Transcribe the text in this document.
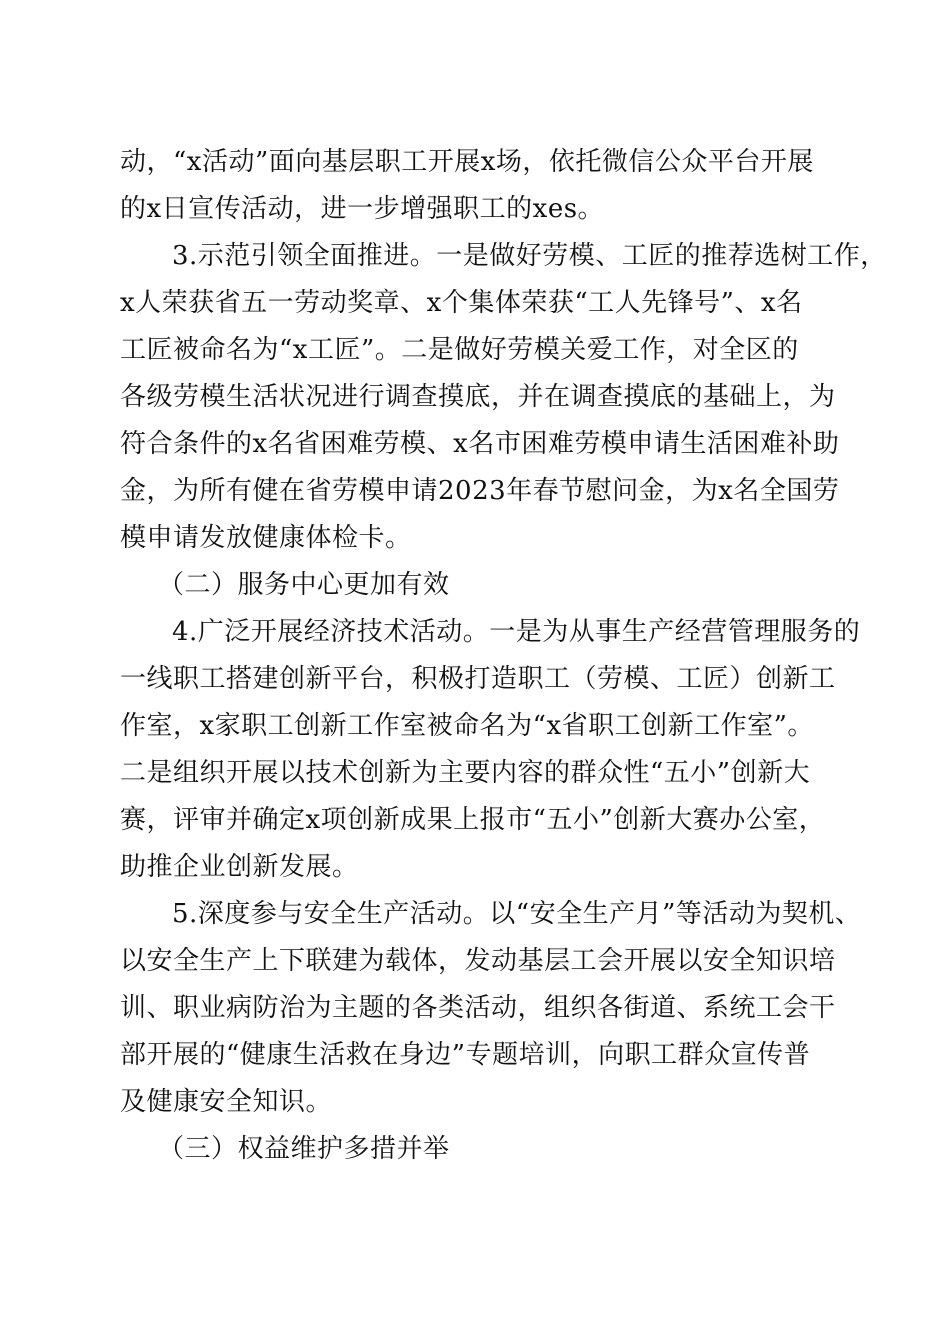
动，“x活动”面向基层职工开展x场，依托微信公众平台开展
的x日宣传活动，进一步增强职工的xes。
3.示范引领全面推进。一是做好劳模、工匠的推荐选树工作，
x人荣获省五一劳动奖章、x个集体荣获“工人先锋号”、x名
工匠被命名为“x工匠”。二是做好劳模关爱工作，对全区的
各级劳模生活状况进行调查摸底，并在调查摸底的基础上，为
符合条件的x名省困难劳模、x名市困难劳模申请生活困难补助
金，为所有健在省劳模申请2023年春节慰问金，为x名全国劳
模申请发放健康体检卡。
（二）服务中心更加有效
4.广泛开展经济技术活动。一是为从事生产经营管理服务的
一线职工搭建创新平台，积极打造职工（劳模、工匠）创新工
作室，x家职工创新工作室被命名为“x省职工创新工作室”。
二是组织开展以技术创新为主要内容的群众性“五小”创新大
赛，评审并确定x项创新成果上报市“五小”创新大赛办公室，
助推企业创新发展。
5.深度参与安全生产活动。以“安全生产月”等活动为契机、
以安全生产上下联建为载体，发动基层工会开展以安全知识培
训、职业病防治为主题的各类活动，组织各街道、系统工会干
部开展的“健康生活救在身边”专题培训，向职工群众宣传普
及健康安全知识。
（三）权益维护多措并举
